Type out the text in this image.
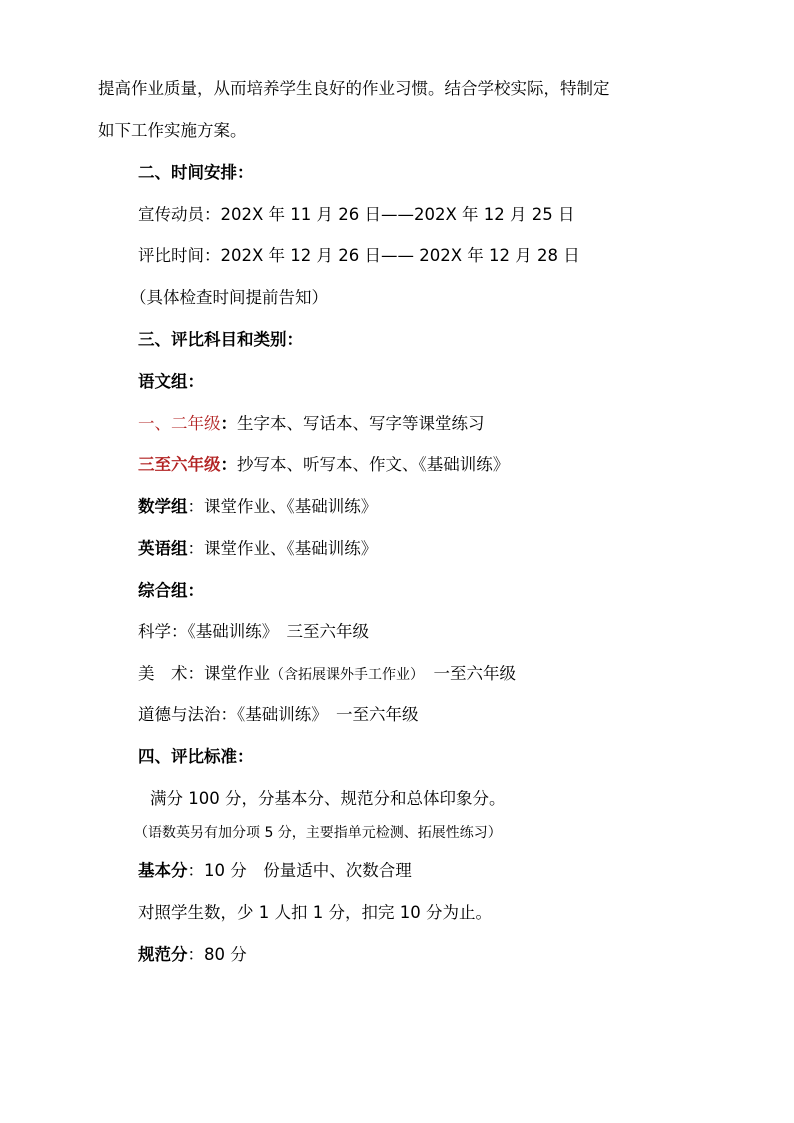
提高作业质量，从而培养学生良好的作业习惯。结合学校实际，特制定
如下工作实施方案。
二、时间安排：
宣传动员：202X 年 11 月 26 日——202X 年 12 月 25 日
评比时间：202X 年 12 月 26 日—— 202X 年 12 月 28 日
（具体检查时间提前告知）
三、评比科目和类别：
语文组：
一、二年级：生字本、写话本、写字等课堂练习
三至六年级：抄写本、听写本、作文、《基础训练》
数学组：课堂作业、《基础训练》
英语组：课堂作业、《基础训练》
综合组：
科学：《基础训练》　三至六年级
美　术：课堂作业（含拓展课外手工作业）　一至六年级
道德与法治：《基础训练》　一至六年级
四、评比标准：
满分 100 分，分基本分、规范分和总体印象分。
（语数英另有加分项 5 分，主要指单元检测、拓展性练习）
基本分：10 分　份量适中、次数合理
对照学生数，少 1 人扣 1 分，扣完 10 分为止。
规范分：80 分
